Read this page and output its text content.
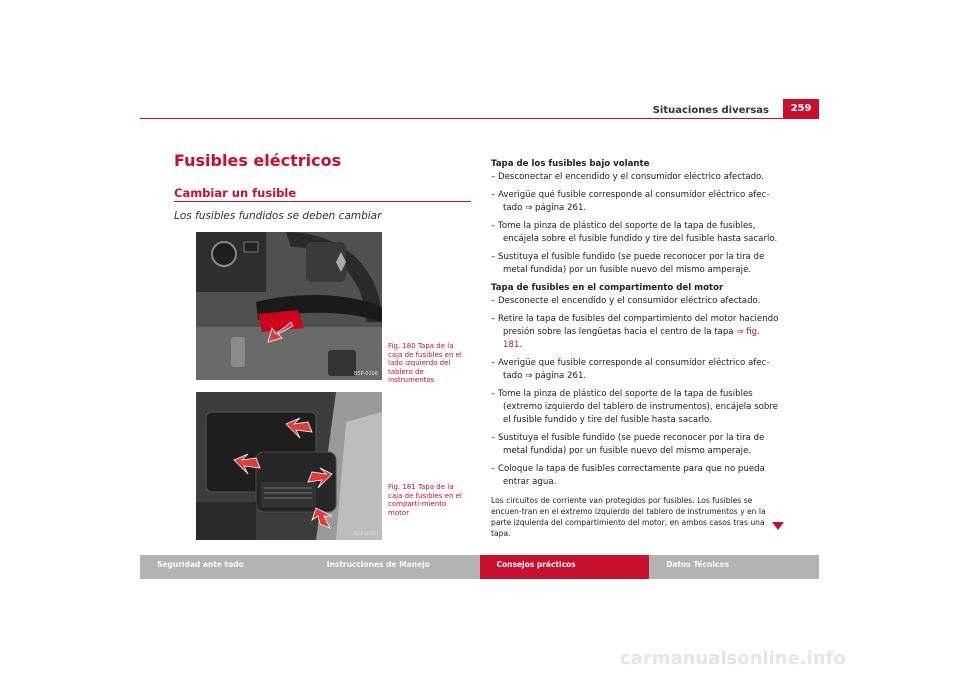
Situaciones diversas	259
Fusibles eléctricos
Cambiar un fusible
Los fusibles fundidos se deben cambiar
B5P-0106
Fig. 180 Tapa de la caja de fusibles en el lado izquierdo del tablero de instrumentos
B5P-0108
Fig. 181 Tapa de la caja de fusibles en el comparti-miento motor

Tapa de los fusibles bajo volante

– Desconectar el encendido y el consumidor eléctrico afectado.

– Averigüe qué fusible corresponde al consumidor eléctrico afec-tado ⇒ página 261.

– Tome la pinza de plástico del soporte de la tapa de fusibles, encájela sobre el fusible fundido y tire del fusible hasta sacarlo.

– Sustituya el fusible fundido (se puede reconocer por la tira de metal fundida) por un fusible nuevo del mismo amperaje.

Tapa de fusibles en el compartimento del motor

– Desconecte el encendido y el consumidor eléctrico afectado.

– Retire la tapa de fusibles del compartimiento del motor haciendo presión sobre las lengüetas hacia el centro de la tapa ⇒ fig. 181.

– Averigüe que fusible corresponde al consumidor eléctrico afec-tado ⇒ página 261.

– Tome la pinza de plástico del soporte de la tapa de fusibles (extremo izquierdo del tablero de instrumentos), encájela sobre el fusible fundido y tire del fusible hasta sacarlo.

– Sustituya el fusible fundido (se puede reconocer por la tira de metal fundida) por un fusible nuevo del mismo amperaje.

– Coloque la tapa de fusibles correctamente para que no pueda entrar agua.

Los circuitos de corriente van protegidos por fusibles. Los fusibles se encuen-tran en el extremo izquierdo del tablero de instrumentos y en la parte izquierda del compartimiento del motor, en ambos casos tras una tapa.

Seguridad ante todo	Instrucciones de Manejo	Consejos prácticos	Datos Técnicos
carmanualsonline.info
